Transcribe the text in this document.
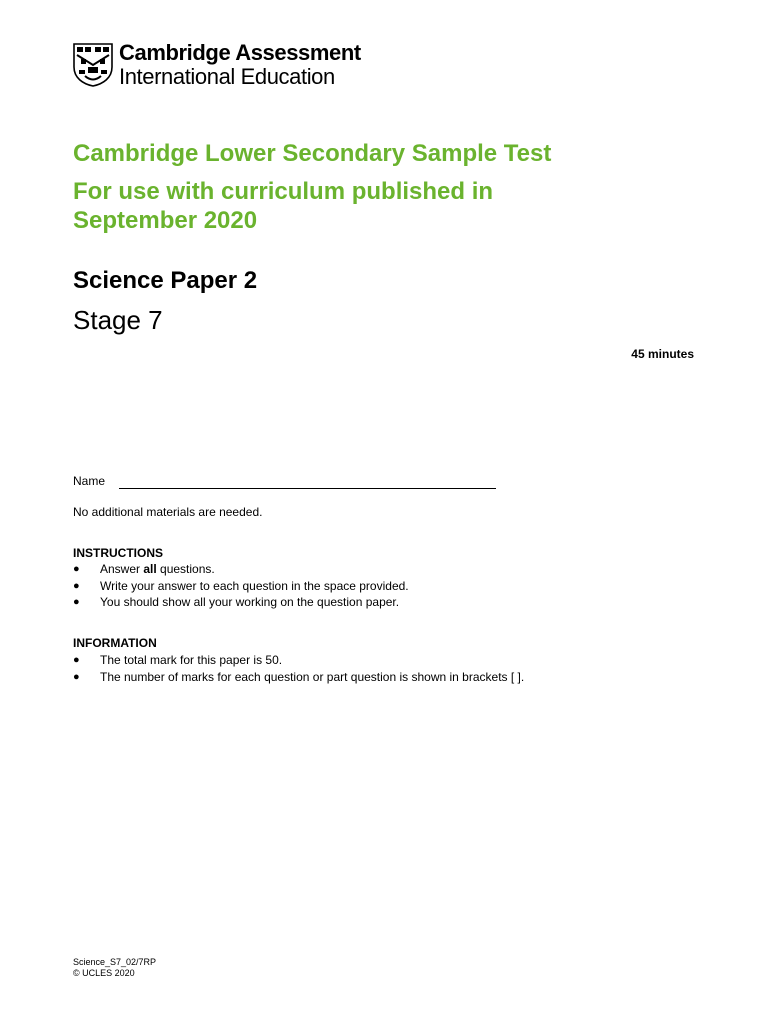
Cambridge Assessment
International Education
Cambridge Lower Secondary Sample Test
For use with curriculum published in
September 2020
Science Paper 2
Stage 7
45 minutes
Name
No additional materials are needed.
INSTRUCTIONS
● Answer all questions.
● Write your answer to each question in the space provided.
● You should show all your working on the question paper.
INFORMATION
● The total mark for this paper is 50.
● The number of marks for each question or part question is shown in brackets [ ].
Science_S7_02/7RP
© UCLES 2020
